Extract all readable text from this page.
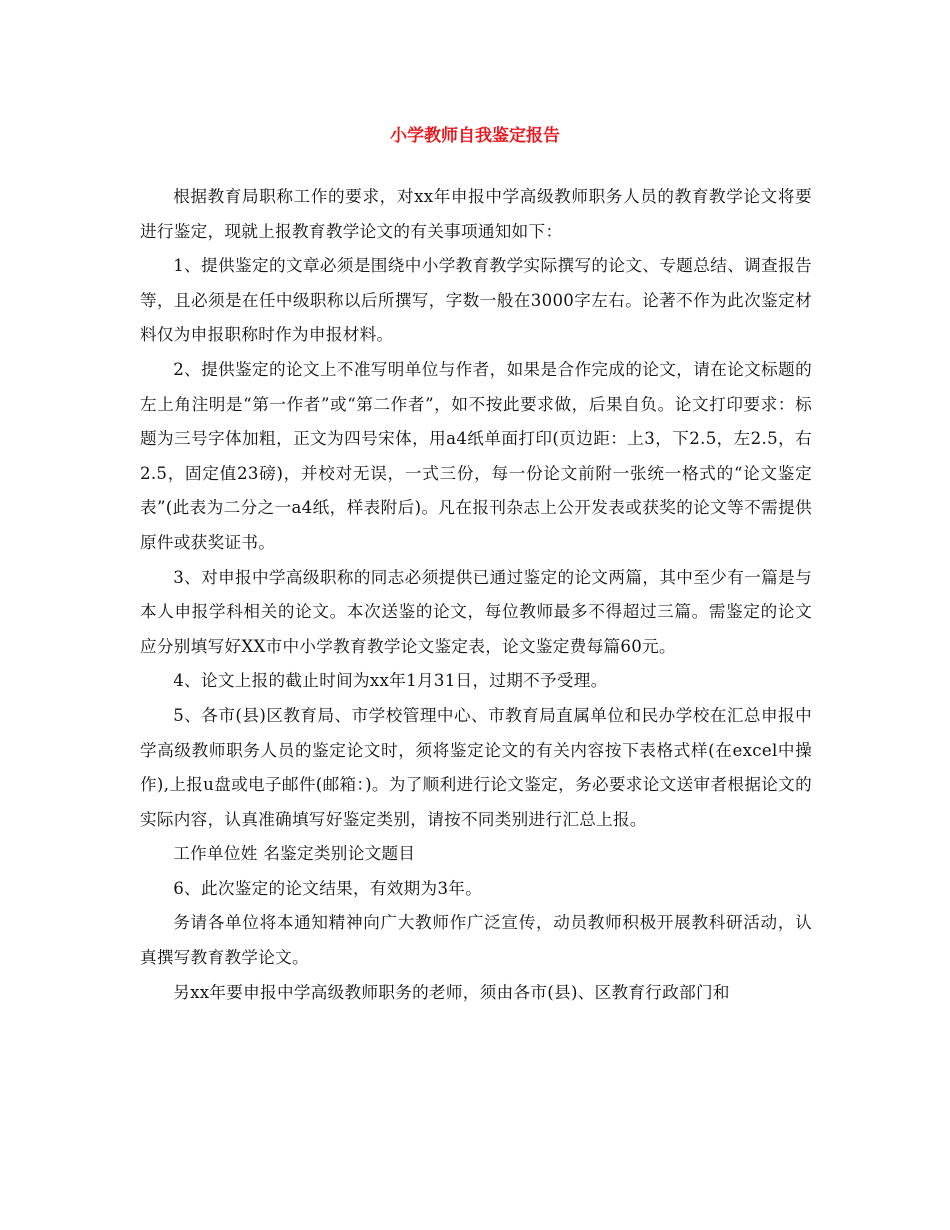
小学教师自我鉴定报告

根据教育局职称工作的要求，对xx年申报中学高级教师职务人员的教育教学论文将要进行鉴定，现就上报教育教学论文的有关事项通知如下：

1、提供鉴定的文章必须是围绕中小学教育教学实际撰写的论文、专题总结、调查报告等，且必须是在任中级职称以后所撰写，字数一般在3000字左右。论著不作为此次鉴定材料仅为申报职称时作为申报材料。

2、提供鉴定的论文上不准写明单位与作者，如果是合作完成的论文，请在论文标题的左上角注明是“第一作者”或“第二作者”，如不按此要求做，后果自负。论文打印要求：标题为三号字体加粗，正文为四号宋体，用a4纸单面打印(页边距：上3，下2.5，左2.5，右2.5，固定值23磅)，并校对无误，一式三份，每一份论文前附一张统一格式的“论文鉴定表”(此表为二分之一a4纸，样表附后)。凡在报刊杂志上公开发表或获奖的论文等不需提供原件或获奖证书。

3、对申报中学高级职称的同志必须提供已通过鉴定的论文两篇，其中至少有一篇是与本人申报学科相关的论文。本次送鉴的论文，每位教师最多不得超过三篇。需鉴定的论文应分别填写好XX市中小学教育教学论文鉴定表，论文鉴定费每篇60元。

4、论文上报的截止时间为xx年1月31日，过期不予受理。

5、各市(县)区教育局、市学校管理中心、市教育局直属单位和民办学校在汇总申报中学高级教师职务人员的鉴定论文时，须将鉴定论文的有关内容按下表格式样(在excel中操作),上报u盘或电子邮件(邮箱：)。为了顺利进行论文鉴定，务必要求论文送审者根据论文的实际内容，认真准确填写好鉴定类别，请按不同类别进行汇总上报。

工作单位姓 名鉴定类别论文题目

6、此次鉴定的论文结果，有效期为3年。

务请各单位将本通知精神向广大教师作广泛宣传，动员教师积极开展教科研活动，认真撰写教育教学论文。

另xx年要申报中学高级教师职务的老师，须由各市(县)、区教育行政部门和
